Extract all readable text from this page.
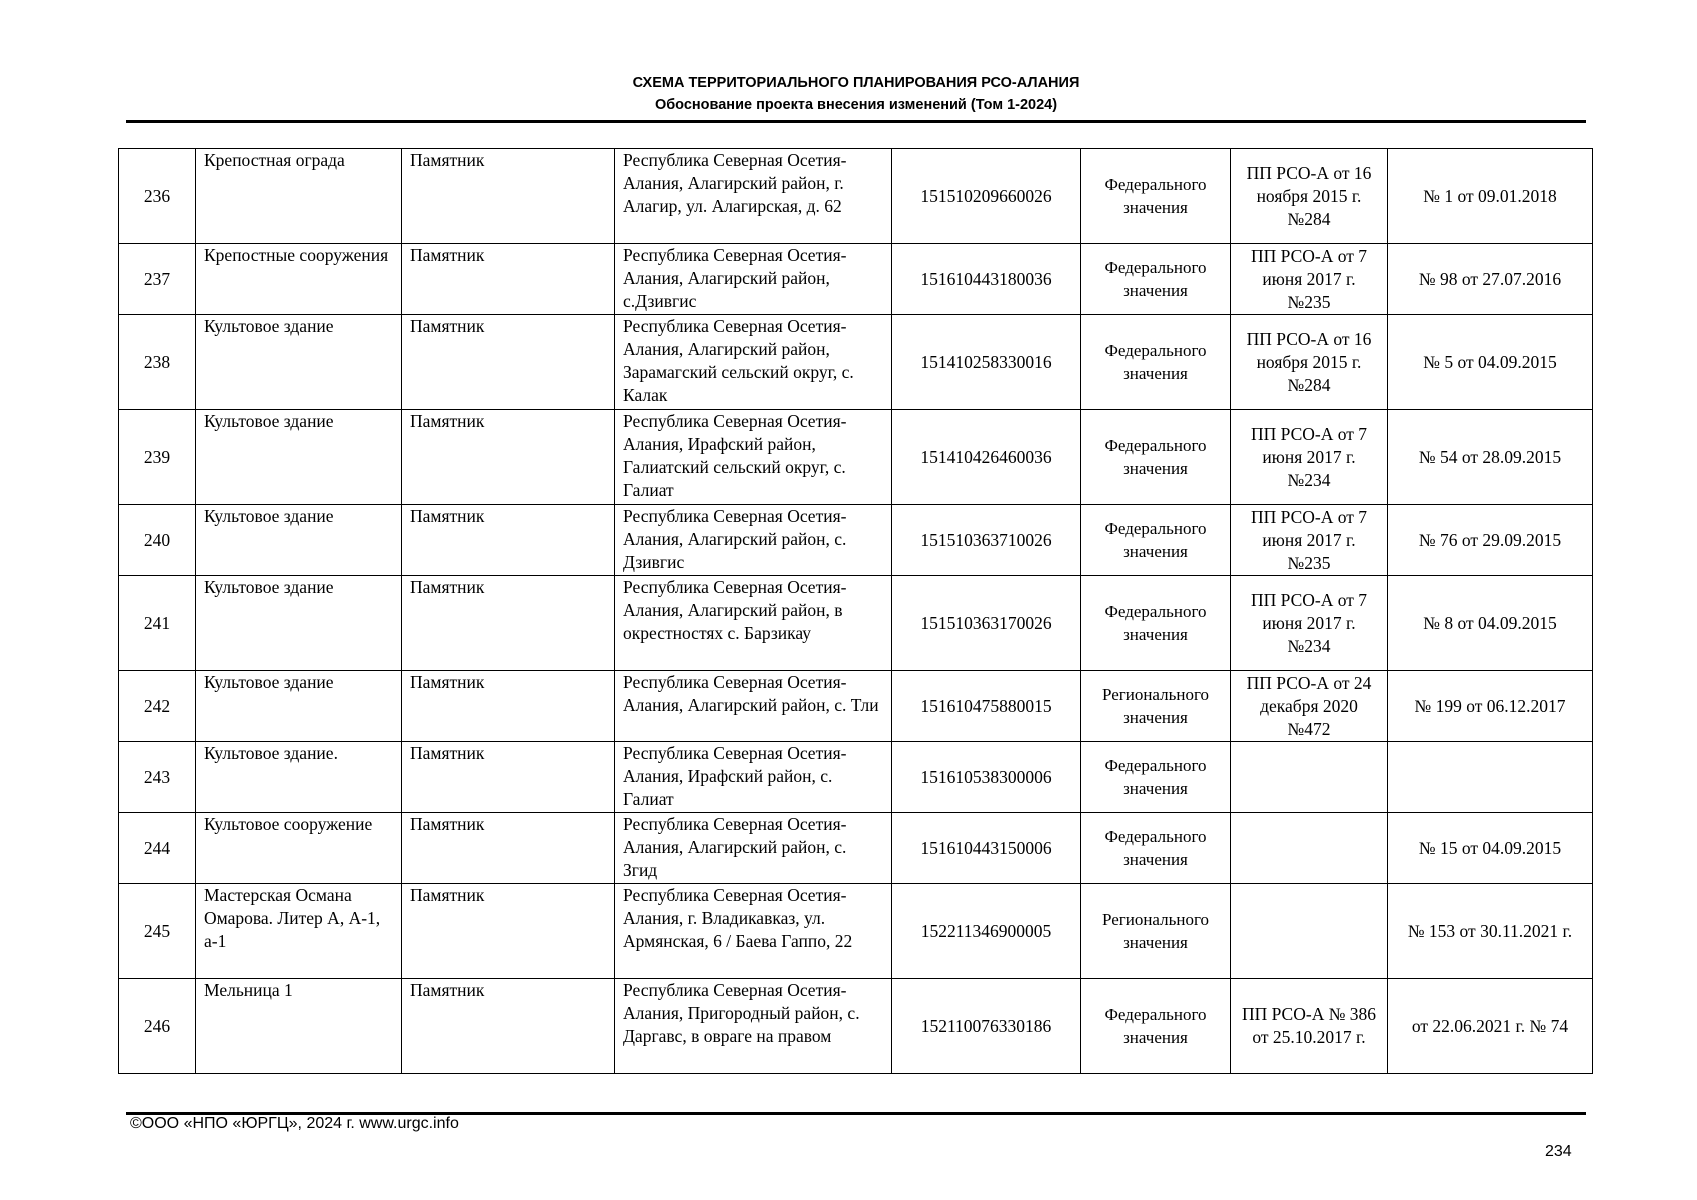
СХЕМА ТЕРРИТОРИАЛЬНОГО ПЛАНИРОВАНИЯ РСО-АЛАНИЯ
Обоснование проекта внесения изменений (Том 1-2024)
236	Крепостная ограда	Памятник	Республика Северная Осетия-Алания, Алагирский район, г. Алагир, ул. Алагирская, д. 62	151510209660026	Федерального значения	ПП РСО-А от 16 ноября 2015 г. №284	№ 1 от 09.01.2018
237	Крепостные сооружения	Памятник	Республика Северная Осетия-Алания, Алагирский район, с.Дзивгис	151610443180036	Федерального значения	ПП РСО-А от 7 июня 2017 г. №235	№ 98 от 27.07.2016
238	Культовое здание	Памятник	Республика Северная Осетия-Алания, Алагирский район, Зарамагский сельский округ, с. Калак	151410258330016	Федерального значения	ПП РСО-А от 16 ноября 2015 г. №284	№ 5 от 04.09.2015
239	Культовое здание	Памятник	Республика Северная Осетия-Алания, Ирафский район, Галиатский сельский округ, с. Галиат	151410426460036	Федерального значения	ПП РСО-А от 7 июня 2017 г. №234	№ 54 от 28.09.2015
240	Культовое здание	Памятник	Республика Северная Осетия-Алания, Алагирский район, с. Дзивгис	151510363710026	Федерального значения	ПП РСО-А от 7 июня 2017 г. №235	№ 76 от 29.09.2015
241	Культовое здание	Памятник	Республика Северная Осетия-Алания, Алагирский район, в окрестностях с. Барзикау	151510363170026	Федерального значения	ПП РСО-А от 7 июня 2017 г. №234	№ 8 от 04.09.2015
242	Культовое здание	Памятник	Республика Северная Осетия-Алания, Алагирский район, с. Тли	151610475880015	Регионального значения	ПП РСО-А от 24 декабря 2020 №472	№ 199 от 06.12.2017
243	Культовое здание.	Памятник	Республика Северная Осетия-Алания, Ирафский район, с. Галиат	151610538300006	Федерального значения		
244	Культовое сооружение	Памятник	Республика Северная Осетия-Алания, Алагирский район, с. Згид	151610443150006	Федерального значения		№ 15 от 04.09.2015
245	Мастерская Османа Омарова. Литер А, А-1, а-1	Памятник	Республика Северная Осетия-Алания, г. Владикавказ, ул. Армянская, 6 / Баева Гаппо, 22	152211346900005	Регионального значения		№ 153 от 30.11.2021 г.
246	Мельница 1	Памятник	Республика Северная Осетия-Алания, Пригородный район, с. Даргавс, в овраге на правом	152110076330186	Федерального значения	ПП РСО-А № 386 от 25.10.2017 г.	от 22.06.2021 г. № 74
©ООО «НПО «ЮРГЦ», 2024 г. www.urgc.info
234
